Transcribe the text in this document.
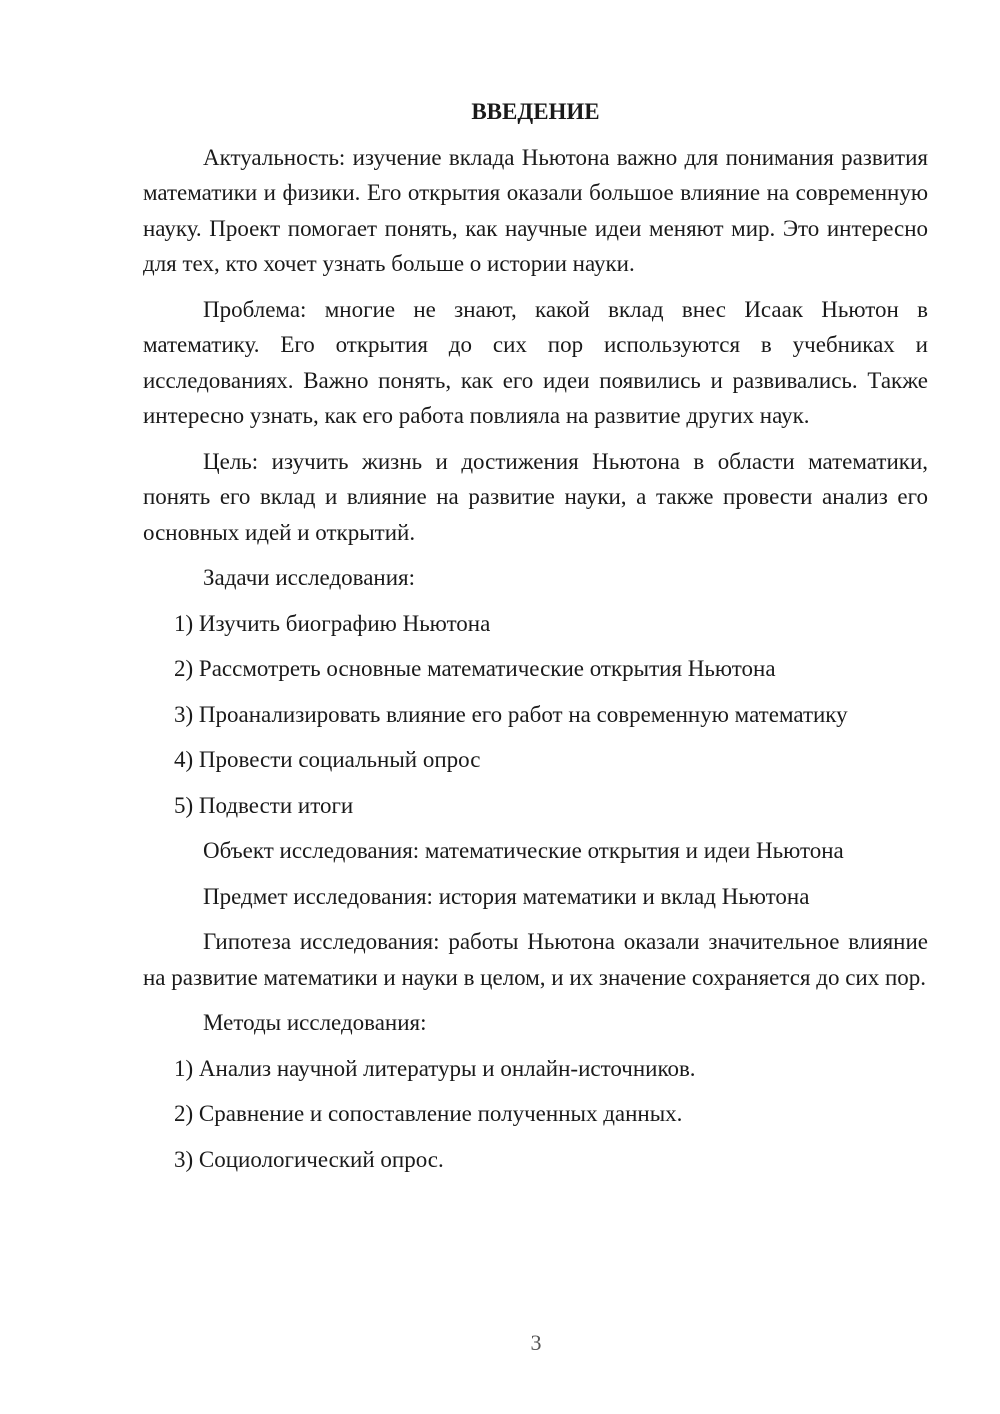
ВВЕДЕНИЕ

Актуальность: изучение вклада Ньютона важно для понимания развития математики и физики. Его открытия оказали большое влияние на современную науку. Проект помогает понять, как научные идеи меняют мир. Это интересно для тех, кто хочет узнать больше о истории науки.

Проблема: многие не знают, какой вклад внес Исаак Ньютон в математику. Его открытия до сих пор используются в учебниках и исследованиях. Важно понять, как его идеи появились и развивались. Также интересно узнать, как его работа повлияла на развитие других наук.

Цель: изучить жизнь и достижения Ньютона в области математики, понять его вклад и влияние на развитие науки, а также провести анализ его основных идей и открытий.

Задачи исследования:

1) Изучить биографию Ньютона
2) Рассмотреть основные математические открытия Ньютона
3) Проанализировать влияние его работ на современную математику
4) Провести социальный опрос
5) Подвести итоги

Объект исследования: математические открытия и идеи Ньютона

Предмет исследования: история математики и вклад Ньютона

Гипотеза исследования: работы Ньютона оказали значительное влияние на развитие математики и науки в целом, и их значение сохраняется до сих пор.

Методы исследования:

1) Анализ научной литературы и онлайн-источников.
2) Сравнение и сопоставление полученных данных.
3) Социологический опрос.
3
